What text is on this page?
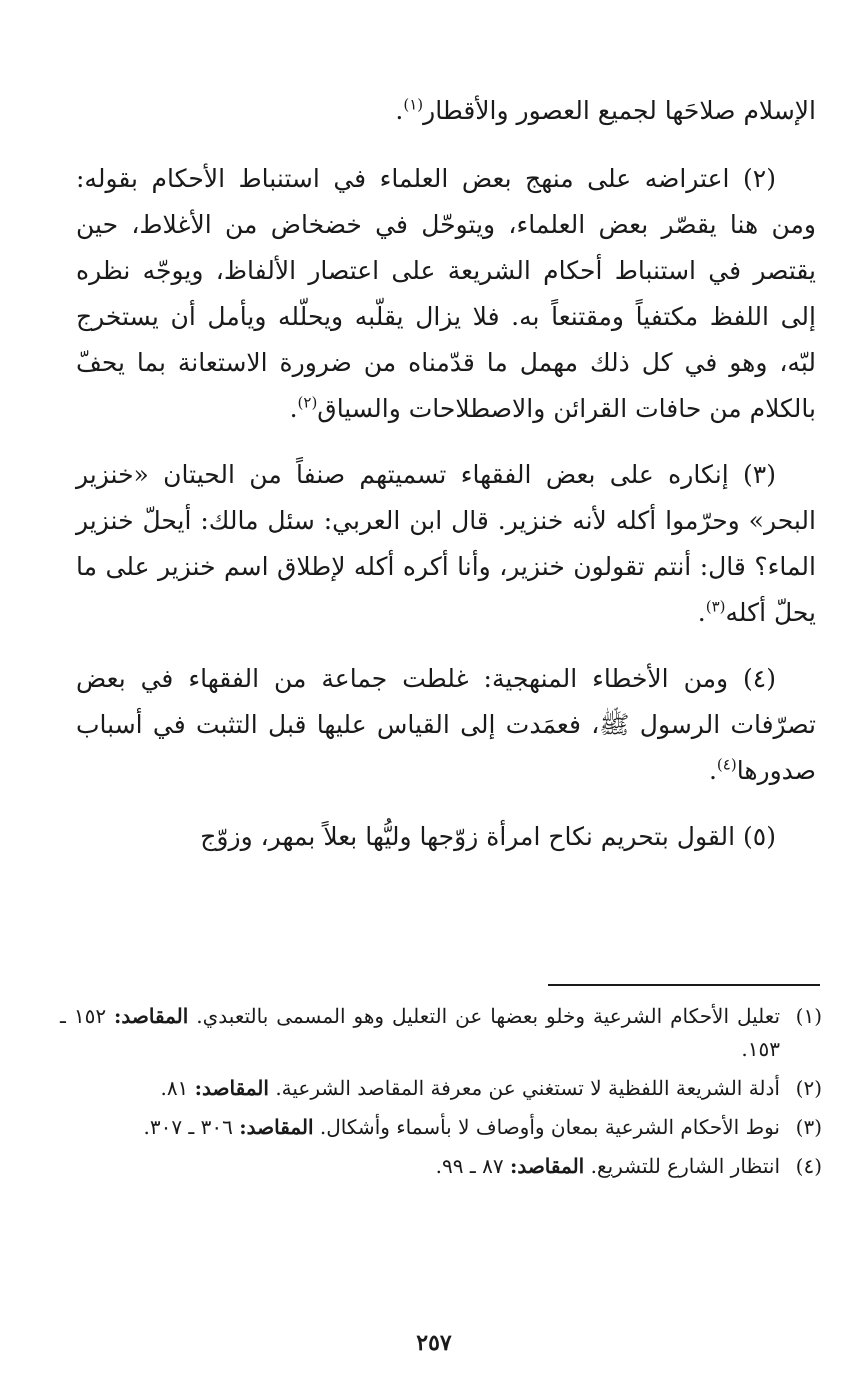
الإسلام صلاحَها لجميع العصور والأقطار$^{(١)}$.

(٢) اعتراضه على منهج بعض العلماء في استنباط الأحكام بقوله: ومن هنا يقصّر بعض العلماء، ويتوحّل في خضخاض من الأغلاط، حين يقتصر في استنباط أحكام الشريعة على اعتصار الألفاظ، ويوجّه نظره إلى اللفظ مكتفياً ومقتنعاً به. فلا يزال يقلّبه ويحلّله ويأمل أن يستخرج لبّه، وهو في كل ذلك مهمل ما قدّمناه من ضرورة الاستعانة بما يحفّ بالكلام من حافات القرائن والاصطلاحات والسياق$^{(٢)}$.

(٣) إنكاره على بعض الفقهاء تسميتهم صنفاً من الحيتان «خنزير البحر» وحرّموا أكله لأنه خنزير. قال ابن العربي: سئل مالك: أيحلّ خنزير الماء؟ قال: أنتم تقولون خنزير، وأنا أكره أكله لإطلاق اسم خنزير على ما يحلّ أكله$^{(٣)}$.

(٤) ومن الأخطاء المنهجية: غلطت جماعة من الفقهاء في بعض تصرّفات الرسول ﷺ، فعمَدت إلى القياس عليها قبل التثبت في أسباب صدورها$^{(٤)}$.

(٥) القول بتحريم نكاح امرأة زوّجها وليُّها بعلاً بمهر، وزوّج

(١)
تعليل الأحكام الشرعية وخلو بعضها عن التعليل وهو المسمى بالتعبدي. المقاصد: ١٥٢ ـ ١٥٣.
(٢)
أدلة الشريعة اللفظية لا تستغني عن معرفة المقاصد الشرعية. المقاصد: ٨١.
(٣)
نوط الأحكام الشرعية بمعان وأوصاف لا بأسماء وأشكال. المقاصد: ٣٠٦ ـ ٣٠٧.
(٤)
انتظار الشارع للتشريع. المقاصد: ٨٧ ـ ٩٩.
٢٥٧
